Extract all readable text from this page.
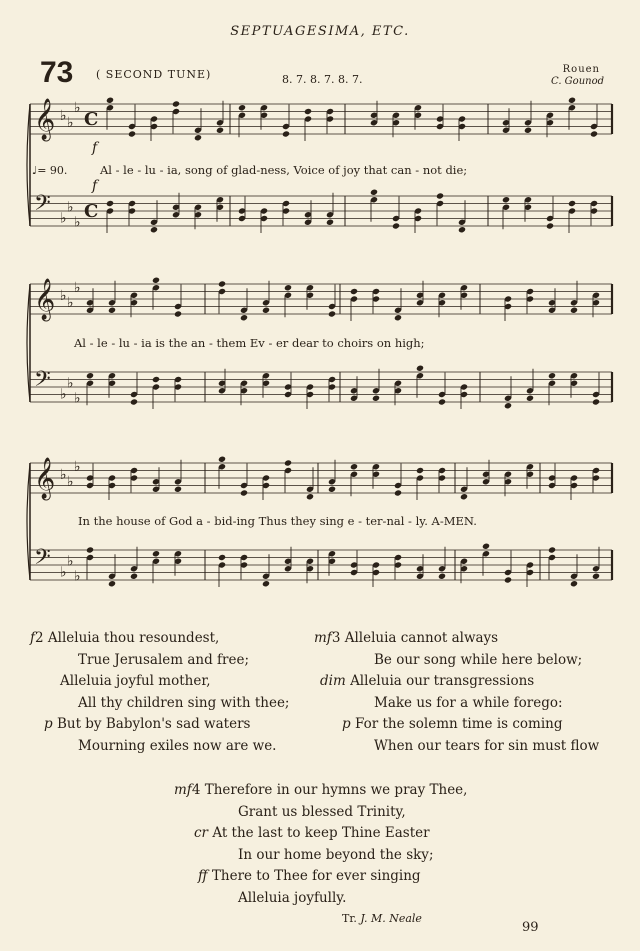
SEPTUAGESIMA, ETC.
73 ( SECOND TUNE)	8. 7. 8. 7. 8. 7.
Rouen
C. Gounod
𝄞 ♭ ♭
♭
C
𝄢 ♭
♭
♭
C
𝄞 ♭ ♭
♭
𝄢 ♭
♭
♭
𝄞 ♭ ♭
♭
𝄢 ♭
♭
♭
♩= 90.
f
f
Al - le - lu - ia, song of glad-ness, Voice of joy that can - not die;
Al - le - lu - ia is the an - them Ev - er dear to choirs on high;
In the house of God a - bid-ing Thus they sing e - ter-nal - ly. A-MEN.
f2 Alleluia thou resoundest,
True Jerusalem and free;
Alleluia joyful mother,
All thy children sing with thee;
p But by Babylon's sad waters
Mourning exiles now are we.
mf3 Alleluia cannot always
Be our song while here below;
dim Alleluia our transgressions
Make us for a while forego:
p For the solemn time is coming
When our tears for sin must flow
mf4 Therefore in our hymns we pray Thee,
Grant us blessed Trinity,
cr At the last to keep Thine Easter
In our home beyond the sky;
ff There to Thee for ever singing
Alleluia joyfully.
Tr. J. M. Neale
99
